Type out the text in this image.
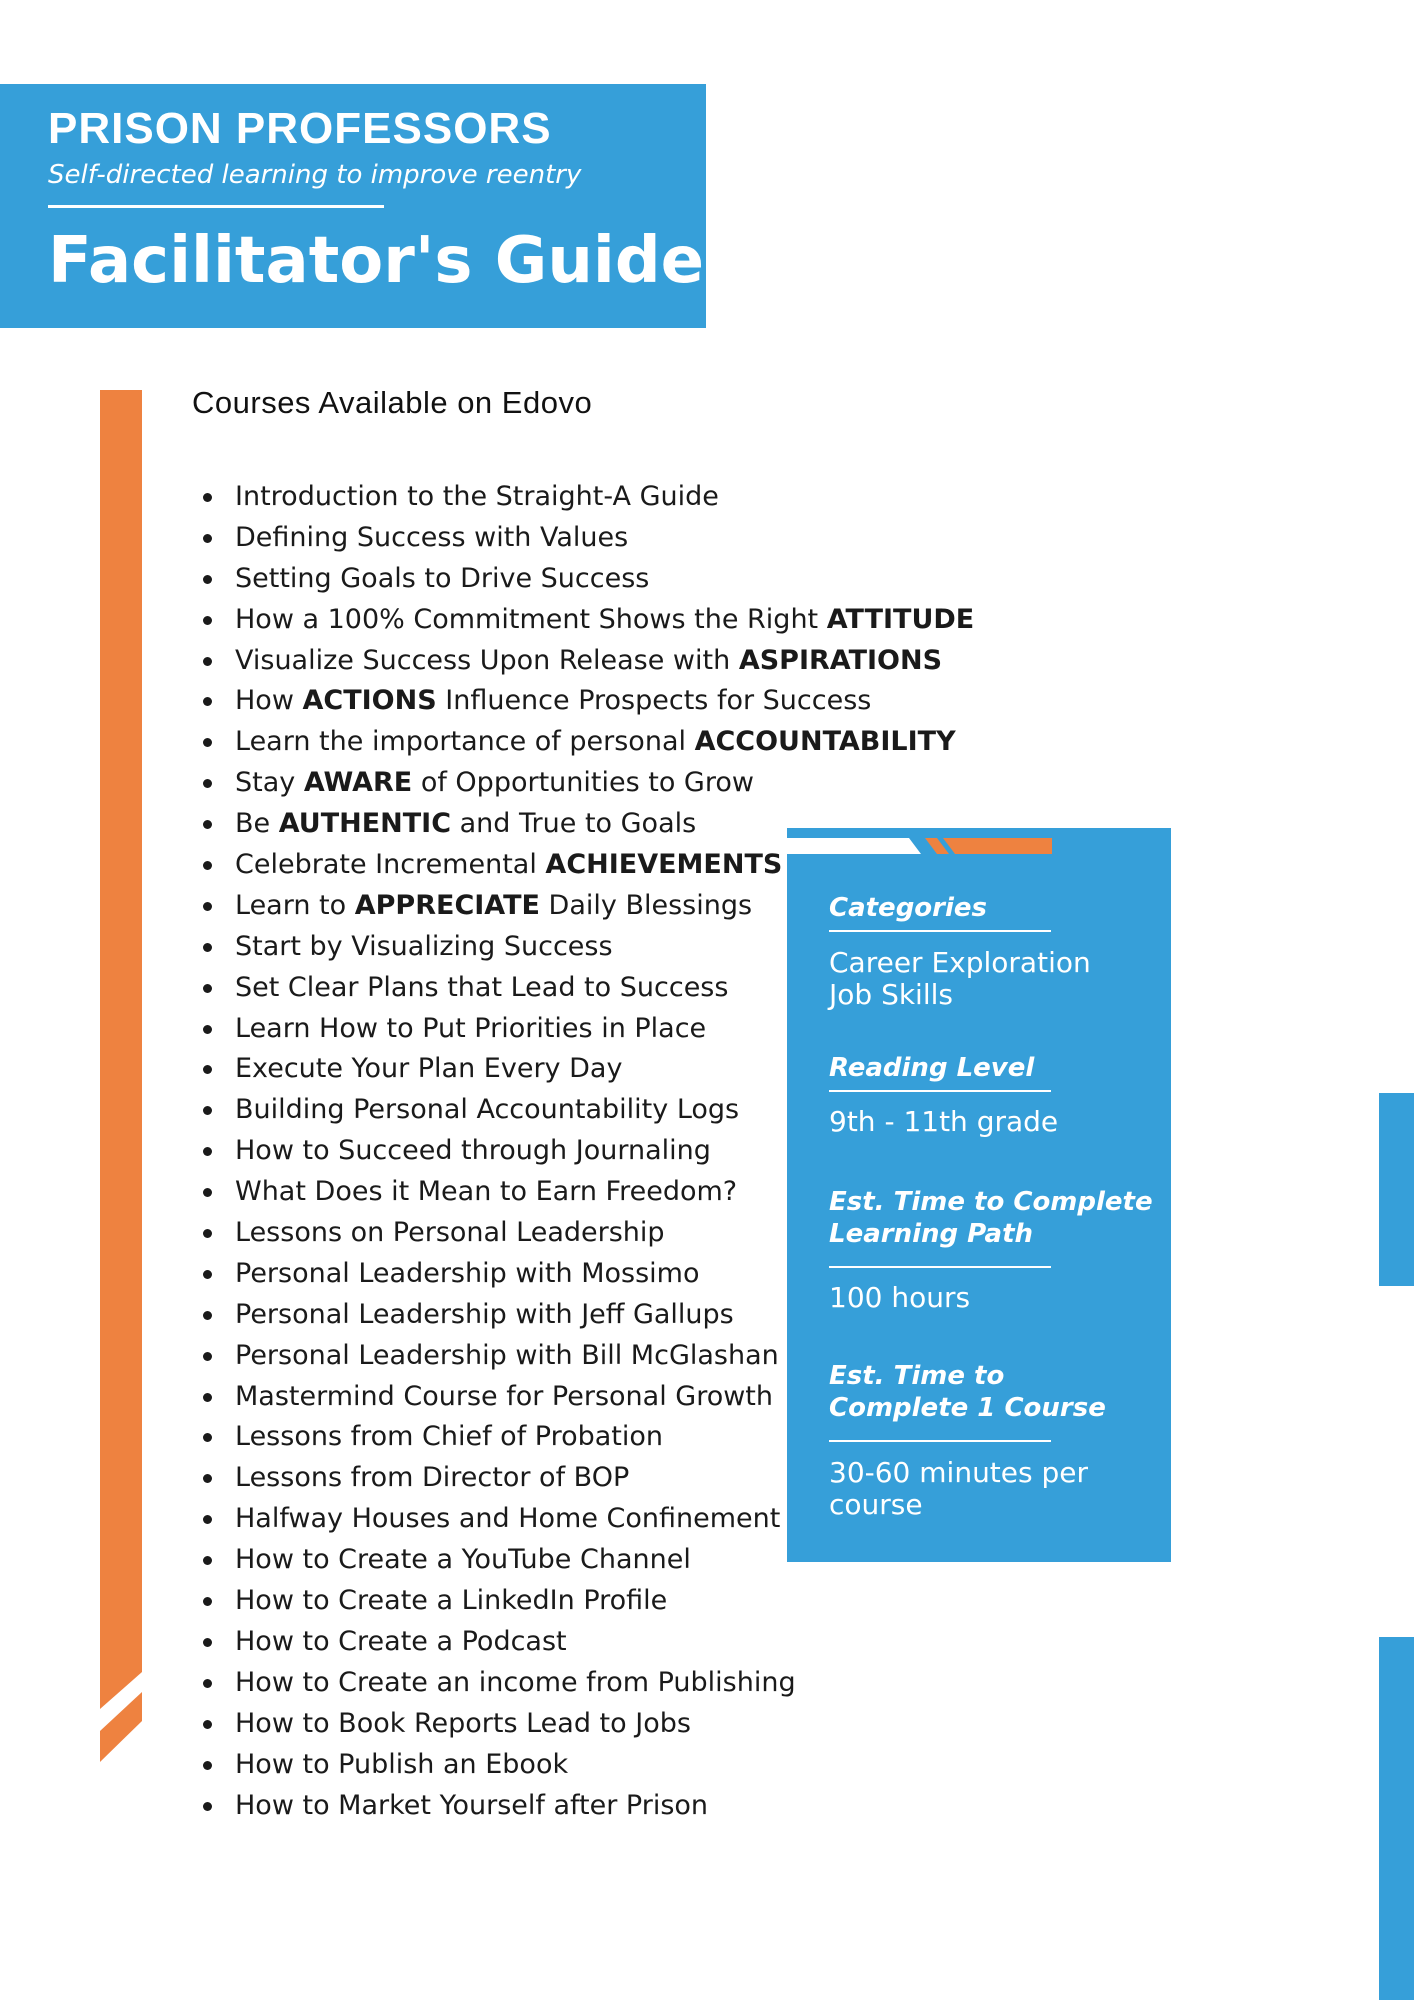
PRISON PROFESSORS
Self-directed learning to improve reentry
Facilitator's Guide
Courses Available on Edovo
Introduction to the Straight-A Guide
Defining Success with Values
Setting Goals to Drive Success
How a 100% Commitment Shows the Right ATTITUDE
Visualize Success Upon Release with ASPIRATIONS
How ACTIONS Influence Prospects for Success
Learn the importance of personal ACCOUNTABILITY
Stay AWARE of Opportunities to Grow
Be AUTHENTIC and True to Goals
Celebrate Incremental ACHIEVEMENTS
Learn to APPRECIATE Daily Blessings
Start by Visualizing Success
Set Clear Plans that Lead to Success
Learn How to Put Priorities in Place
Execute Your Plan Every Day
Building Personal Accountability Logs
How to Succeed through Journaling
What Does it Mean to Earn Freedom?
Lessons on Personal Leadership
Personal Leadership with Mossimo
Personal Leadership with Jeff Gallups
Personal Leadership with Bill McGlashan
Mastermind Course for Personal Growth
Lessons from Chief of Probation
Lessons from Director of BOP
Halfway Houses and Home Confinement
How to Create a YouTube Channel
How to Create a LinkedIn Profile
How to Create a Podcast
How to Create an income from Publishing
How to Book Reports Lead to Jobs
How to Publish an Ebook
How to Market Yourself after Prison
Categories
Career Exploration
Job Skills
Reading Level
9th - 11th grade
Est. Time to Complete
Learning Path
100 hours
Est. Time to
Complete 1 Course
30-60 minutes per
course
